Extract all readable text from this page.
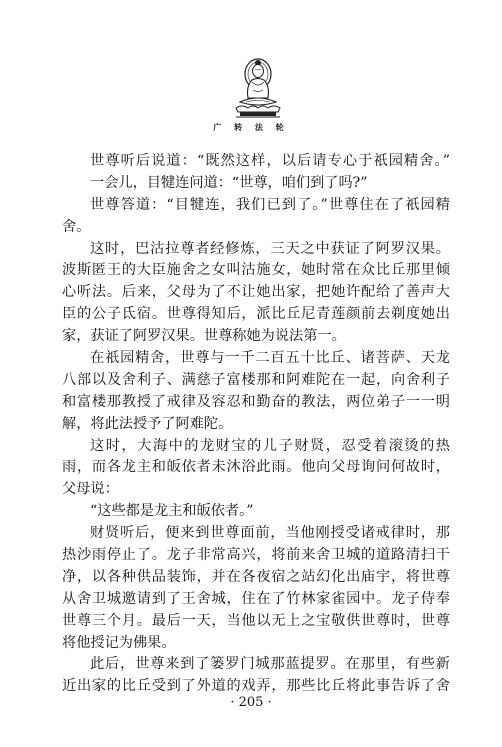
广 转 法 轮
世尊听后说道：“既然这样，以后请专心于祇园精舍。”
一会儿，目犍连问道：“世尊，咱们到了吗?”
世尊答道：“目犍连，我们已到了。”世尊住在了祇园精
舍。
这时，巴沽拉尊者经修炼，三天之中获证了阿罗汉果。
波斯匿王的大臣施舍之女叫沽施女，她时常在众比丘那里倾
心听法。后来，父母为了不让她出家，把她许配给了善声大
臣的公子氐宿。世尊得知后，派比丘尼青莲颜前去剃度她出
家，获证了阿罗汉果。世尊称她为说法第一。
在祇园精舍，世尊与一千二百五十比丘、诸菩萨、天龙
八部以及舍利子、满慈子富楼那和阿难陀在一起，向舍利子
和富楼那教授了戒律及容忍和勤奋的教法，两位弟子一一明
解，将此法授予了阿难陀。
这时，大海中的龙财宝的儿子财贤，忍受着滚烫的热
雨，而各龙主和皈依者未沐浴此雨。他向父母询问何故时，
父母说：
“这些都是龙主和皈依者。”
财贤听后，便来到世尊面前，当他刚授受诸戒律时，那
热沙雨停止了。龙子非常高兴，将前来舍卫城的道路清扫干
净，以各种供品装饰，并在各夜宿之站幻化出庙宇，将世尊
从舍卫城邀请到了王舍城，住在了竹林家雀园中。龙子侍奉
世尊三个月。最后一天，当他以无上之宝敬供世尊时，世尊
将他授记为佛果。
此后，世尊来到了篓罗门城那蓝提罗。在那里，有些新
近出家的比丘受到了外道的戏弄，那些比丘将此事告诉了舍
· 205 ·
